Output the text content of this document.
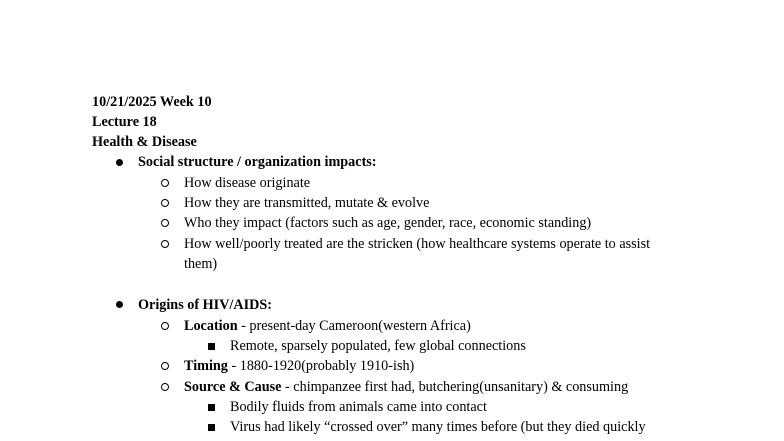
10/21/2025 Week 10
Lecture 18
Health & Disease
Social structure / organization impacts:
How disease originate
How they are transmitted, mutate & evolve
Who they impact (factors such as age, gender, race, economic standing)
How well/poorly treated are the stricken (how healthcare systems operate to assist
them)
Origins of HIV/AIDS:
Location - present-day Cameroon(western Africa)
Remote, sparsely populated, few global connections
Timing - 1880-1920(probably 1910-ish)
Source & Cause - chimpanzee first had, butchering(unsanitary) & consuming
Bodily fluids from animals came into contact
Virus had likely “crossed over” many times before (but they died quickly
